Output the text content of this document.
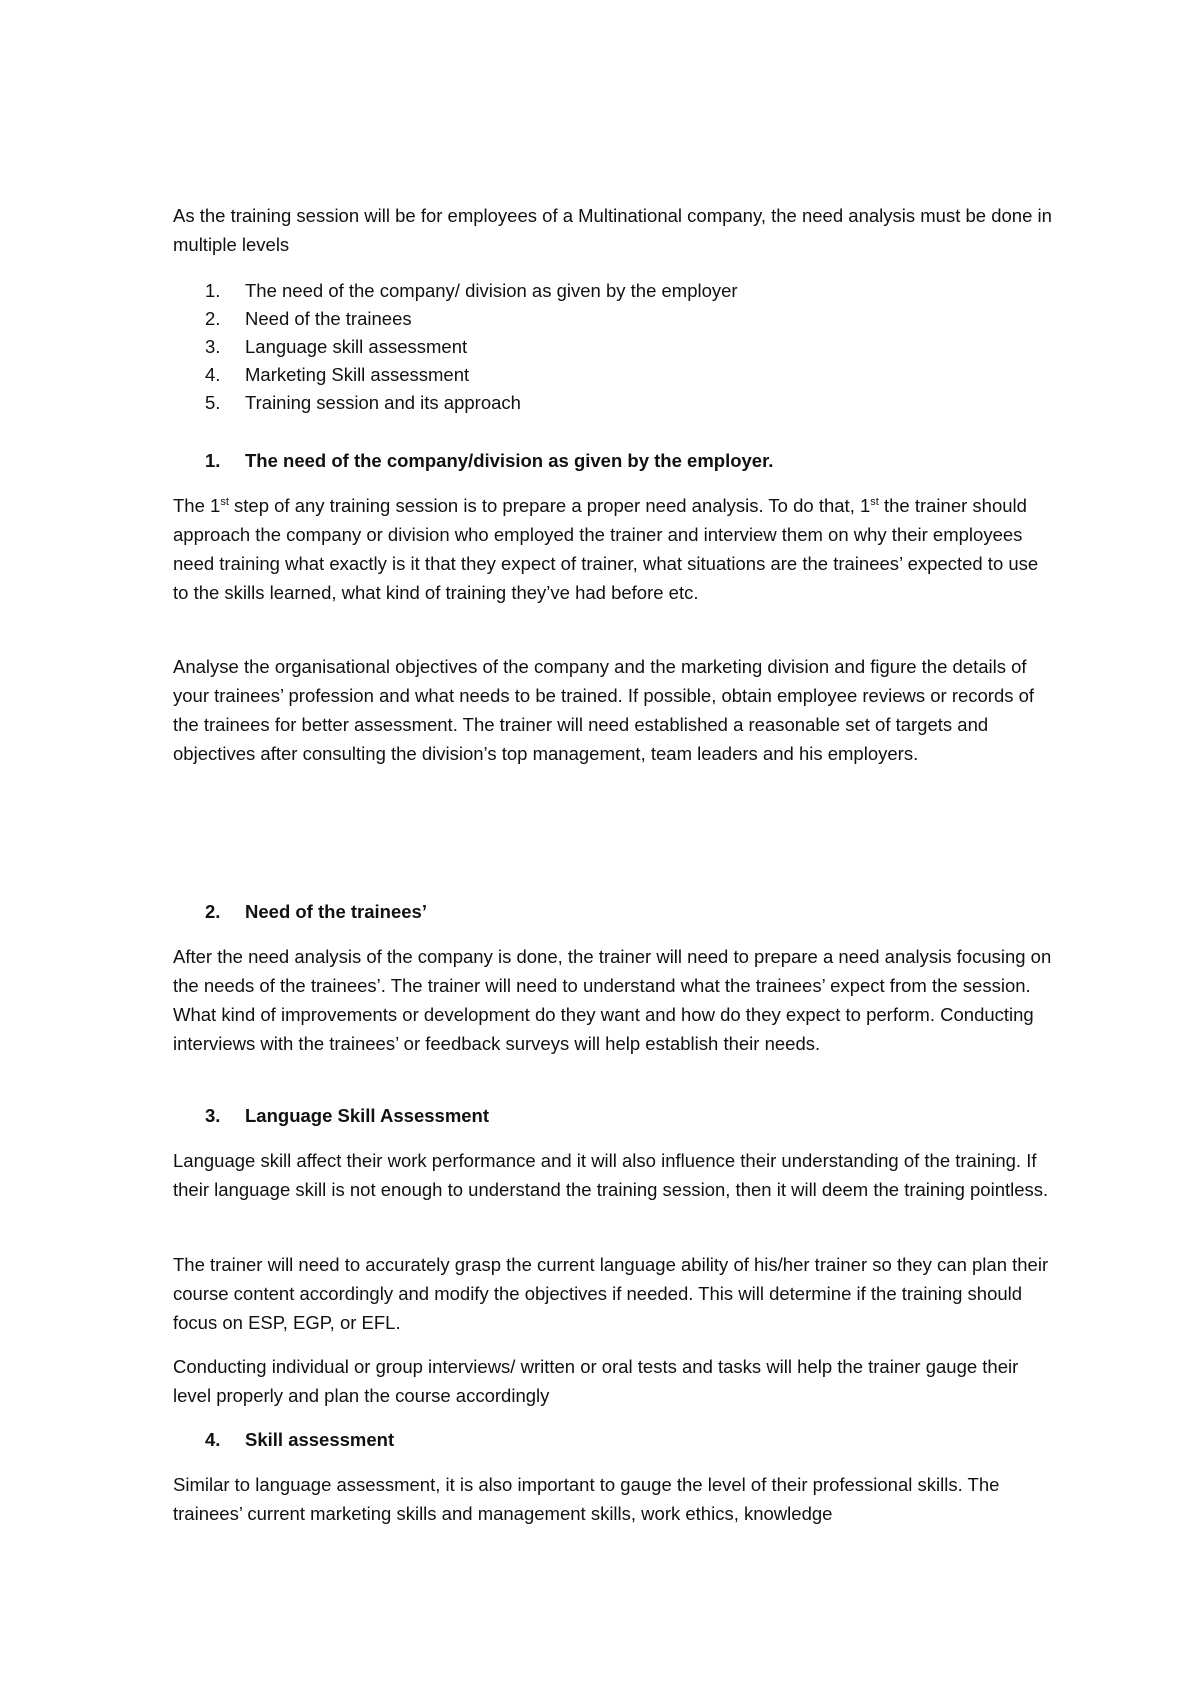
As the training session will be for employees of a Multinational company, the need analysis must be done in multiple levels

1. The need of the company/ division as given by the employer
2. Need of the trainees
3. Language skill assessment
4. Marketing Skill assessment
5. Training session and its approach
1. The need of the company/division as given by the employer.

The 1st step of any training session is to prepare a proper need analysis. To do that, 1st the trainer should approach the company or division who employed the trainer and interview them on why their employees need training what exactly is it that they expect of trainer, what situations are the trainees’ expected to use to the skills learned, what kind of training they’ve had before etc.

Analyse the organisational objectives of the company and the marketing division and figure the details of your trainees’ profession and what needs to be trained. If possible, obtain employee reviews or records of the trainees for better assessment. The trainer will need established a reasonable set of targets and objectives after consulting the division’s top management, team leaders and his employers.

2. Need of the trainees’

After the need analysis of the company is done, the trainer will need to prepare a need analysis focusing on the needs of the trainees’. The trainer will need to understand what the trainees’ expect from the session. What kind of improvements or development do they want and how do they expect to perform. Conducting interviews with the trainees’ or feedback surveys will help establish their needs.

3. Language Skill Assessment

Language skill affect their work performance and it will also influence their understanding of the training. If their language skill is not enough to understand the training session, then it will deem the training pointless.

The trainer will need to accurately grasp the current language ability of his/her trainer so they can plan their course content accordingly and modify the objectives if needed. This will determine if the training should focus on ESP, EGP, or EFL.

Conducting individual or group interviews/ written or oral tests and tasks will help the trainer gauge their level properly and plan the course accordingly

4. Skill assessment

Similar to language assessment, it is also important to gauge the level of their professional skills. The trainees’ current marketing skills and management skills, work ethics, knowledge
